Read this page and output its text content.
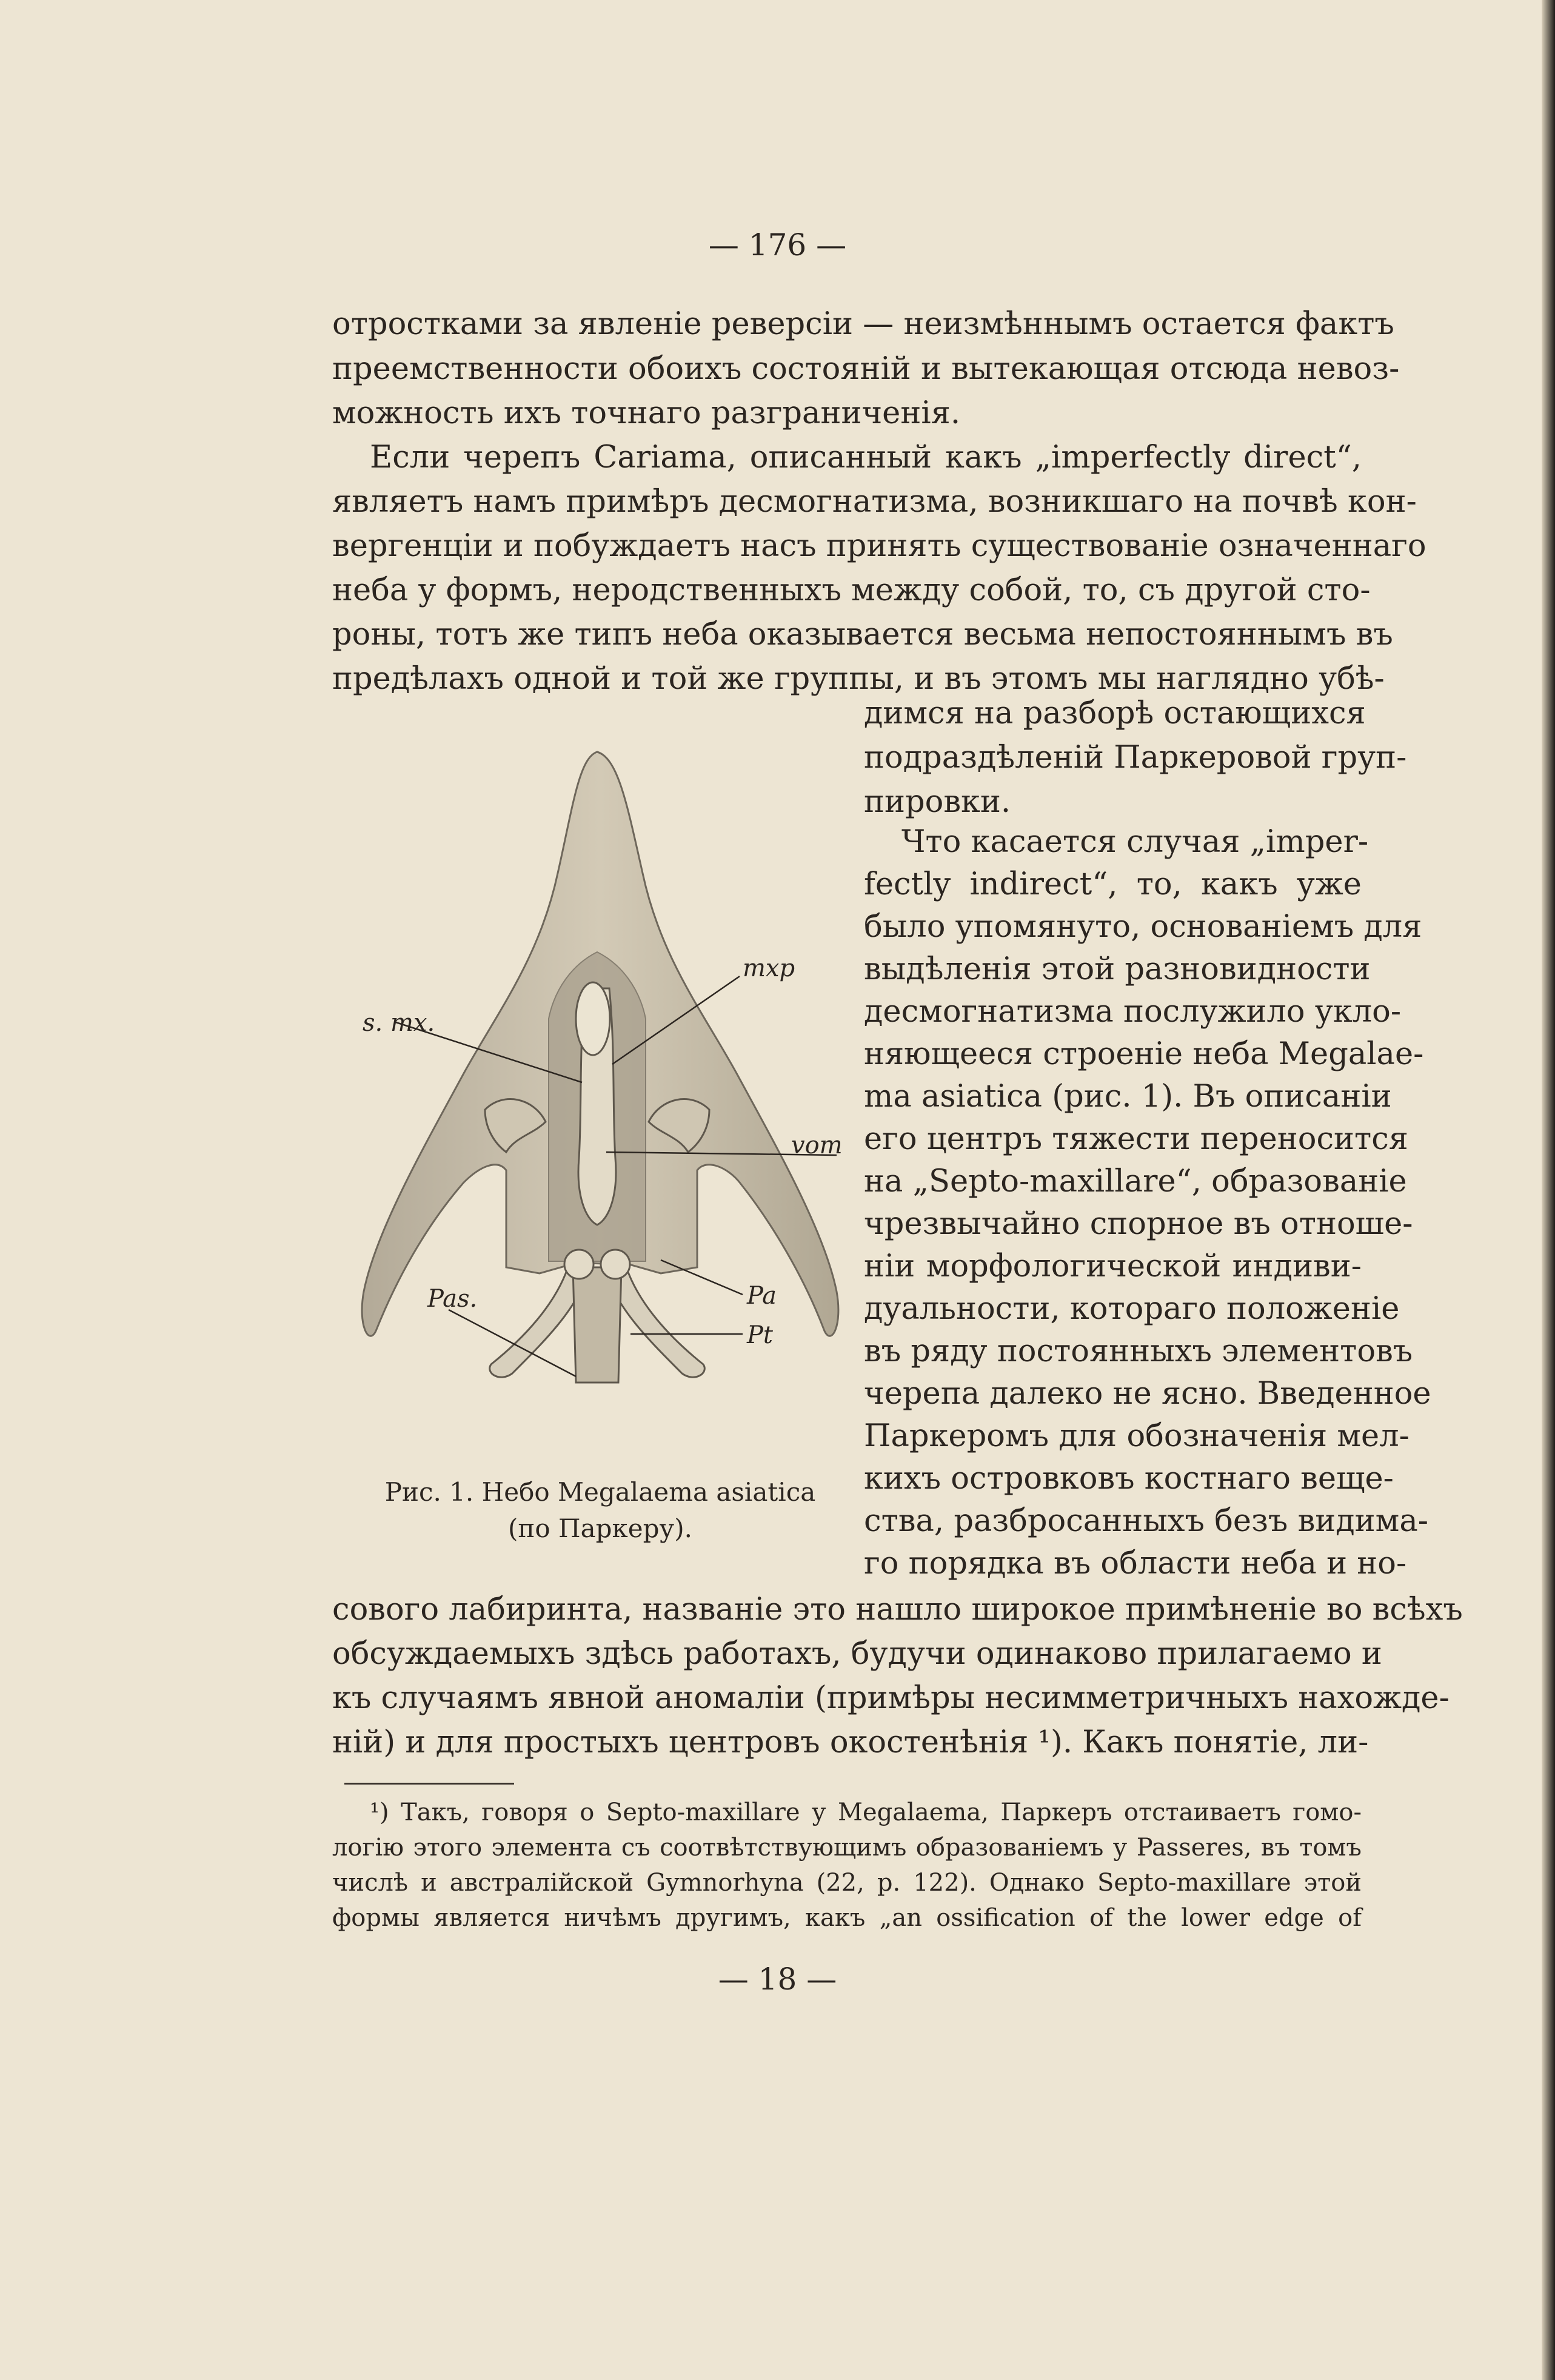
— 176 —
отростками за явленіе реверсіи — неизмѣннымъ остается фактъ
преемственности обоихъ состояній и вытекающая отсюда невоз-
можность ихъ точнаго разграниченія.
Если черепъ Cariama, описанный какъ „imperfectly direct“,
являетъ намъ примѣръ десмогнатизма, возникшаго на почвѣ кон-
вергенціи и побуждаетъ насъ принять существованіе означеннаго
неба у формъ, неродственныхъ между собой, то, съ другой сто-
роны, тотъ же типъ неба оказывается весьма непостояннымъ въ
предѣлахъ одной и той же группы, и въ этомъ мы наглядно убѣ-
димся на разборѣ остающихся
подраздѣленій Паркеровой груп-
пировки.
Что касается случая „imper-
fectly indirect“, то, какъ уже
было упомянуто, основаніемъ для
выдѣленія этой разновидности
десмогнатизма послужило укло-
няющееся строеніе неба Megalae-
ma asiatica (рис. 1). Въ описаніи
его центръ тяжести переносится
на „Septo-maxillare“, образованіе
чрезвычайно спорное въ отноше-
ніи морфологической индиви-
дуальности, котораго положеніе
въ ряду постоянныхъ элементовъ
черепа далеко не ясно. Введенное
Паркеромъ для обозначенія мел-
кихъ островковъ костнаго веще-
ства, разбросанныхъ безъ видима-
го порядка въ области неба и но-
сового лабиринта, названіе это нашло широкое примѣненіе во всѣхъ
обсуждаемыхъ здѣсь работахъ, будучи одинаково прилагаемо и
къ случаямъ явной аномаліи (примѣры несимметричныхъ нахожде-
ній) и для простыхъ центровъ окостенѣнія ¹). Какъ понятіе, ли-
¹) Такъ, говоря о Septo-maxillare у Megalaema, Паркеръ отстаиваетъ гомо-
логію этого элемента съ соотвѣтствующимъ образованіемъ у Passeres, въ томъ
числѣ и австралійской Gymnorhyna (22, p. 122). Однако Septo-maxillare этой
формы является ничѣмъ другимъ, какъ „an ossification of the lower edge of
— 18 —
s. mx.
mxp
vom
Pas.	Pa
Pt
Рис. 1. Небо Megalaema asiatica
(по Паркеру).
